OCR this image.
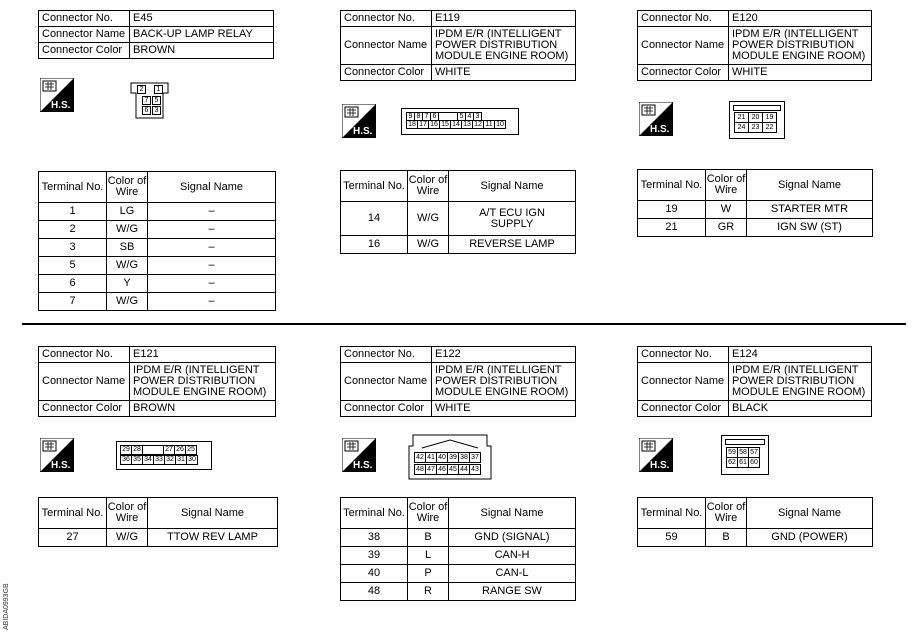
Connector No.	E45
Connector Name	BACK-UP LAMP RELAY
Connector Color	BROWN
H.S.
2	1
7 5
6 3
Terminal No.	Color of Wire	Signal Name
1	LG	–
2	W/G	–
3	SB	–
5	W/G	–
6	Y	–
7	W/G	–
Connector No.	E119
Connector Name	IPDM E/R (INTELLIGENT POWER DISTRIBUTION MODULE ENGINE ROOM)
Connector Color	WHITE
H.S.
9 8 7 6	5 4 3
18 17 16 15 14 13 12 11 10
Terminal No.	Color of Wire	Signal Name
14	W/G	A/T ECU IGN SUPPLY
16	W/G	REVERSE LAMP
Connector No.	E120
Connector Name	IPDM E/R (INTELLIGENT POWER DISTRIBUTION MODULE ENGINE ROOM)
Connector Color	WHITE
H.S.
21 20 19
24 23 22
Terminal No.	Color of Wire	Signal Name
19	W	STARTER MTR
21	GR	IGN SW (ST)
Connector No.	E121
Connector Name	IPDM E/R (INTELLIGENT POWER DISTRIBUTION MODULE ENGINE ROOM)
Connector Color	BROWN
H.S.
29 28	27 26 25
36 35 34 33 32 31 30
Terminal No.	Color of Wire	Signal Name
27	W/G	TTOW REV LAMP
Connector No.	E122
Connector Name	IPDM E/R (INTELLIGENT POWER DISTRIBUTION MODULE ENGINE ROOM)
Connector Color	WHITE
H.S.
42 41 40 39 38 37
48 47 46 45 44 43
Terminal No.	Color of Wire	Signal Name
38	B	GND (SIGNAL)
39	L	CAN-H
40	P	CAN-L
48	R	RANGE SW
Connector No.	E124
Connector Name	IPDM E/R (INTELLIGENT POWER DISTRIBUTION MODULE ENGINE ROOM)
Connector Color	BLACK
H.S.
59 58 57
62 61 60
Terminal No.	Color of Wire	Signal Name
59	B	GND (POWER)
ABIDA0993GB
